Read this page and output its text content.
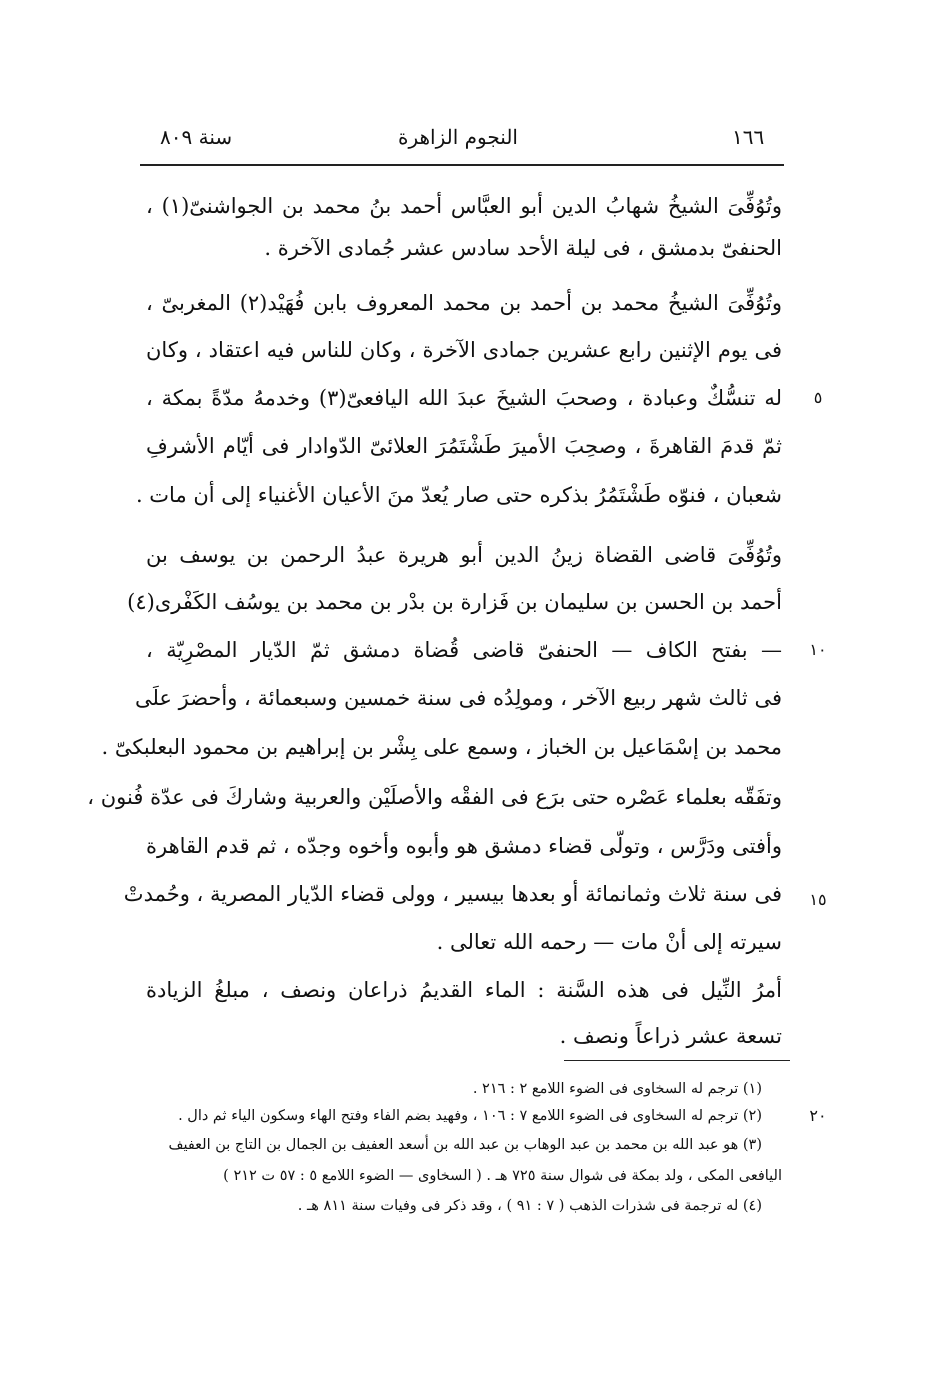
سنة ٨٠٩	النجوم الزاهرة	١٦٦
وتُوُفِّىَ الشيخُ شهابُ الدين أبو العبَّاس أحمد بنُ محمد بن الجواشنىّ(١) ،
الحنفىّ بدمشق ، فى ليلة الأحد سادس عشر جُمادى الآخرة .
وتُوُفِّىَ الشيخُ محمد بن أحمد بن محمد المعروف بابن فُهَيْد(٢) المغربىّ ،
فى يوم الإثنين رابع عشرين جمادى الآخرة ، وكان للناس فيه اعتقاد ، وكان
له تنسُّكٌ وعبادة ، وصحبَ الشيخَ عبدَ الله اليافعىّ(٣) وخدمهُ مدّةً بمكة ،
ثمّ قدمَ القاهرةَ ، وصحِبَ الأميرَ طَشْتَمُرَ العلائىّ الدّوادار فى أيّام الأشرفِ
شعبان ، فنوّه طَشْتَمُرُ بذكره حتى صار يُعدّ منَ الأعيان الأغنياء إلى أن مات .
وتُوُفِّىَ قاضى القضاة زينُ الدين أبو هريرة عبدُ الرحمن بن يوسف بن
أحمد بن الحسن بن سليمان بن فَزارة بن بدْر بن محمد بن يوسُف الكَفْرى(٤)
— بفتح الكاف — الحنفىّ قاضى قُضاة دمشق ثمّ الدّيار المصْرِيّة ،
فى ثالث شهر ربيع الآخر ، ومولِدُه فى سنة خمسين وسبعمائة ، وأحضرَ علَى
محمد بن إسْمَاعيل بن الخباز ، وسمع على بِشْر بن إبراهيم بن محمود البعلبكىّ .
وتفَقّه بعلماء عَصْره حتى برَع فى الفقْه والأصلَيْن والعربية وشاركَ فى عدّة فُنون ،
وأفتى ودَرَّس ، وتولّى قضاء دمشق هو وأبوه وأخوه وجدّه ، ثم قدم القاهرة
فى سنة ثلاث وثمانمائة أو بعدها بيسير ، وولى قضاء الدّيار المصرية ، وحُمدتْ
سيرته إلى أنْ مات — رحمه الله تعالى .
أمرُ النِّيل فى هذه السَّنة : الماء القديمُ ذراعان ونصف ، مبلغُ الزيادة
تسعة عشر ذراعاً ونصف .
٥
١٠
١٥
٢٠
(١) ترجم له السخاوى فى الضوء اللامع ٢ : ٢١٦ .
(٢) ترجم له السخاوى فى الضوء اللامع ٧ : ١٠٦ ، وفهيد بضم الفاء وفتح الهاء وسكون الياء ثم دال .
(٣) هو عبد الله بن محمد بن عبد الوهاب بن عبد الله بن أسعد العفيف بن الجمال بن التاج بن العفيف
اليافعى المكى ، ولد بمكة فى شوال سنة ٧٢٥ هـ . ( السخاوى — الضوء اللامع ٥ : ٥٧ ت ٢١٢ )
(٤) له ترجمة فى شذرات الذهب ( ٧ : ٩١ ) ، وقد ذكر فى وفيات سنة ٨١١ هـ .
